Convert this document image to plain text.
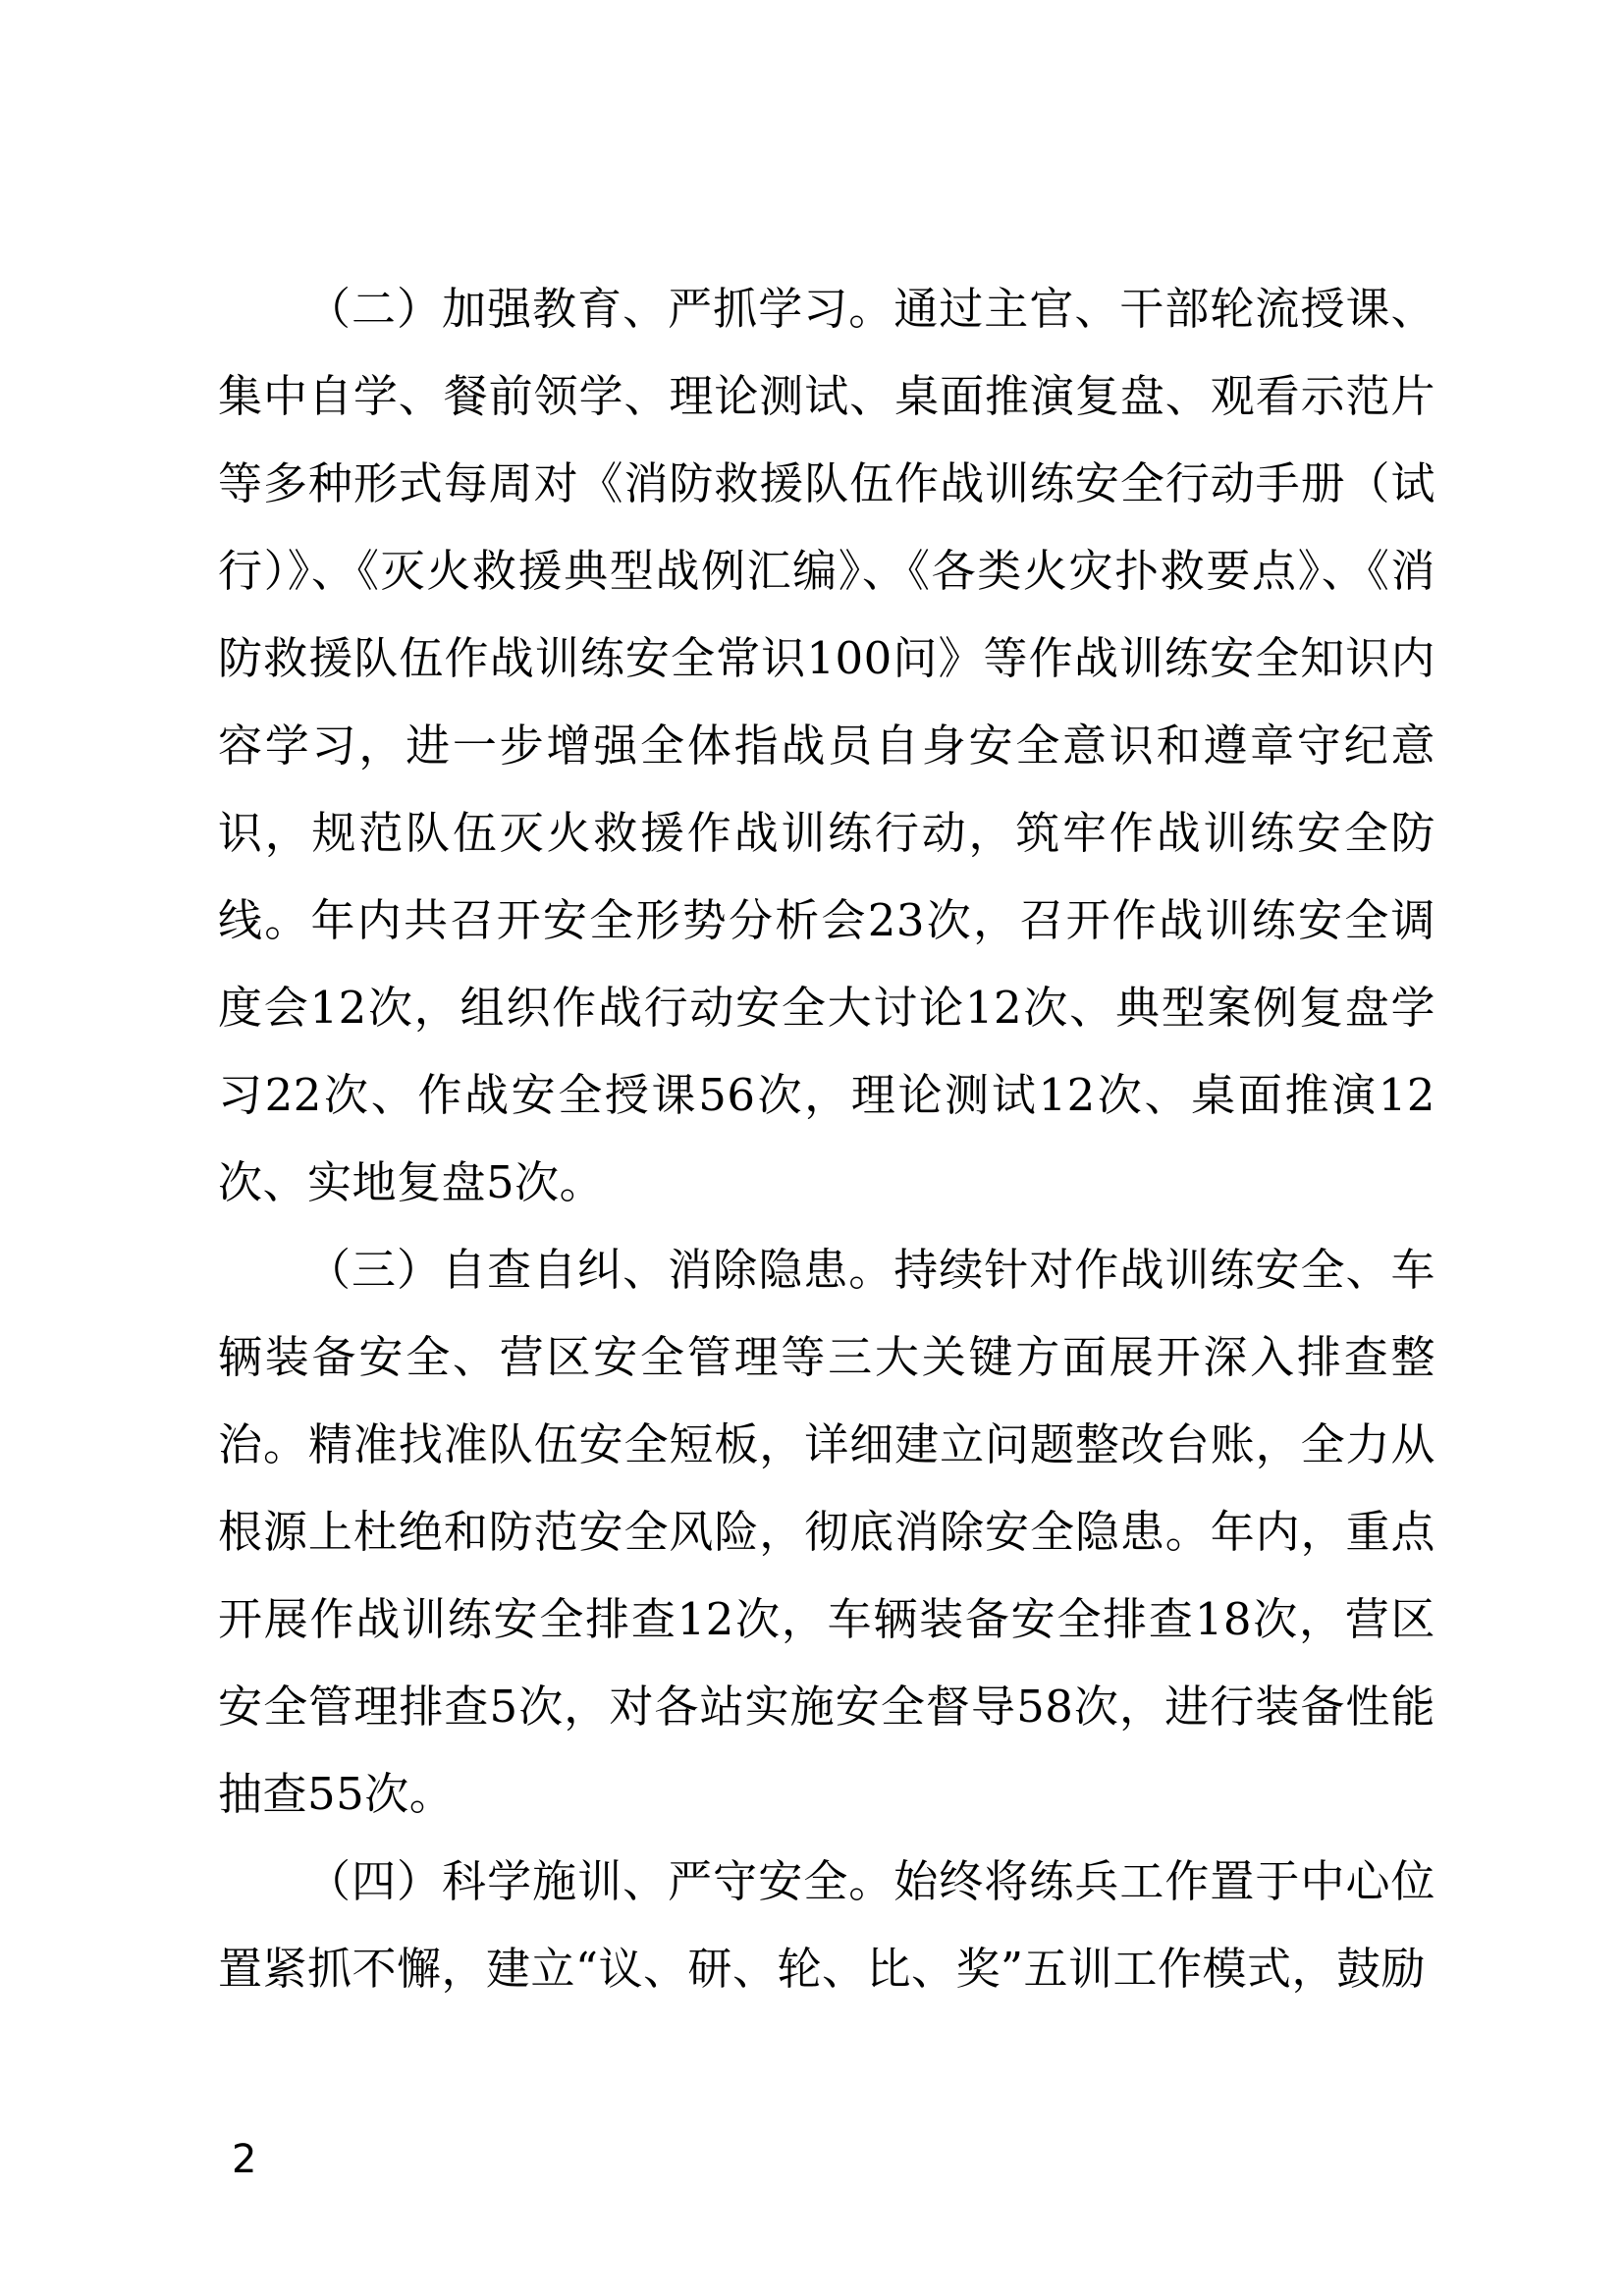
（二）加强教育、严抓学习。通过主官、干部轮流授课、集中自学、餐前领学、理论测试、桌面推演复盘、观看示范片等多种形式每周对《消防救援队伍作战训练安全行动手册（试行）》、《灭火救援典型战例汇编》、《各类火灾扑救要点》、《消防救援队伍作战训练安全常识100问》等作战训练安全知识内容学习，进一步增强全体指战员自身安全意识和遵章守纪意识，规范队伍灭火救援作战训练行动，筑牢作战训练安全防线。年内共召开安全形势分析会23次，召开作战训练安全调度会12次，组织作战行动安全大讨论12次、典型案例复盘学习22次、作战安全授课56次，理论测试12次、桌面推演12次、实地复盘5次。

（三）自查自纠、消除隐患。持续针对作战训练安全、车辆装备安全、营区安全管理等三大关键方面展开深入排查整治。精准找准队伍安全短板，详细建立问题整改台账，全力从根源上杜绝和防范安全风险，彻底消除安全隐患。年内，重点开展作战训练安全排查12次，车辆装备安全排查18次，营区安全管理排查5次，对各站实施安全督导58次，进行装备性能抽查55次。

（四）科学施训、严守安全。始终将练兵工作置于中心位置紧抓不懈，建立“议、研、轮、比、奖”五训工作模式，鼓励

2
